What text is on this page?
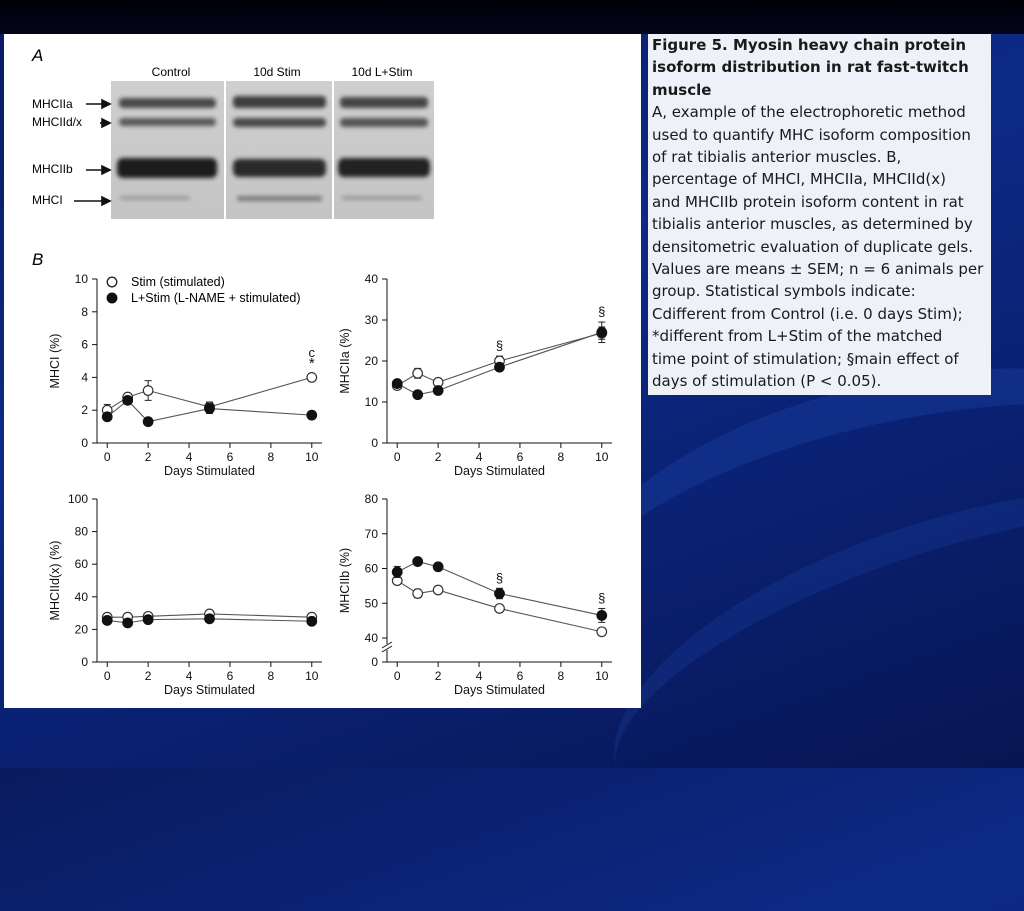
A
Control	10d Stim	10d L+Stim
MHCIIa
MHCIId/x
MHCIIb
MHCI
B
Stim (stimulated)
L+Stim (L-NAME + stimulated)
0
2
4
6
8
10
0	2	4	6	8	10
Days Stimulated
MHCI (%)	c
*
0
10
20
30
40
0	2	4	6	8	10
Days Stimulated
MHCIIa (%)	§
§
0
20
40
60
80
100
0	2	4	6	8	10
Days Stimulated
MHCIId(x) (%)
0
40
50
60
70
80
0	2	4	6	8	10
Days Stimulated
MHCIIb (%)	§
§

Figure 5. Myosin heavy chain protein isoform distribution in rat fast-twitch muscle

A, example of the electrophoretic method

used to quantify MHC isoform composition

of rat tibialis anterior muscles. B,

percentage of MHCI, MHCIIa, MHCIId(x)

and MHCIIb protein isoform content in rat

tibialis anterior muscles, as determined by

densitometric evaluation of duplicate gels.

Values are means ± SEM; n = 6 animals per

group. Statistical symbols indicate:

Cdifferent from Control (i.e. 0 days Stim);

*different from L+Stim of the matched

time point of stimulation; §main effect of

days of stimulation (P < 0.05).
